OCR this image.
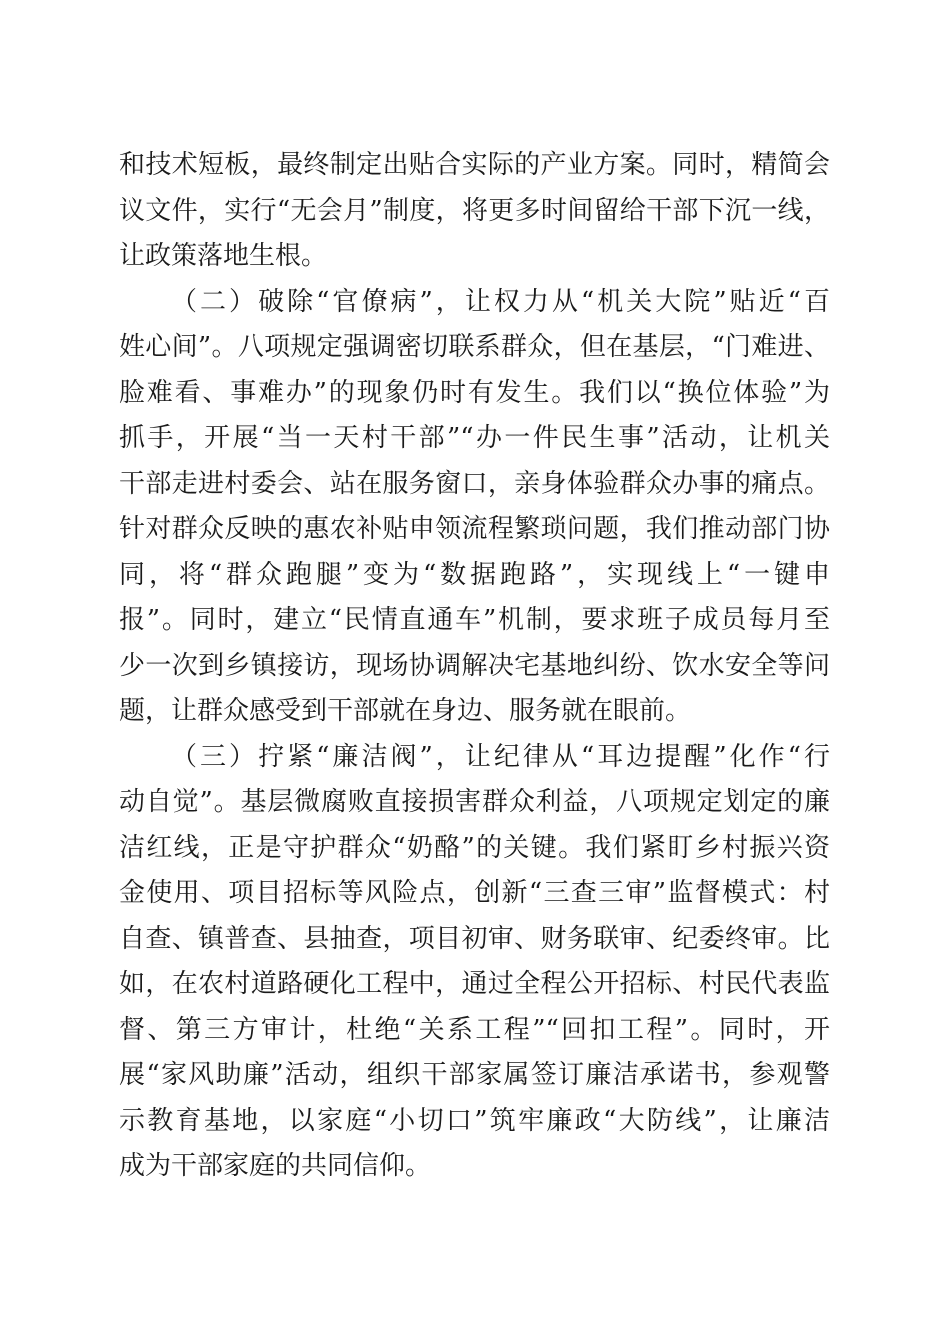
和技术短板，最终制定出贴合实际的产业方案。同时，精简会
议文件，实行“无会月”制度，将更多时间留给干部下沉一线，
让政策落地生根。

（二）破除“官僚病”，让权力从“机关大院”贴近“百
姓心间”。八项规定强调密切联系群众，但在基层，“门难进、
脸难看、事难办”的现象仍时有发生。我们以“换位体验”为
抓手，开展“当一天村干部”“办一件民生事”活动，让机关
干部走进村委会、站在服务窗口，亲身体验群众办事的痛点。
针对群众反映的惠农补贴申领流程繁琐问题，我们推动部门协
同，将“群众跑腿”变为“数据跑路”，实现线上“一键申
报”。同时，建立“民情直通车”机制，要求班子成员每月至
少一次到乡镇接访，现场协调解决宅基地纠纷、饮水安全等问
题，让群众感受到干部就在身边、服务就在眼前。

（三）拧紧“廉洁阀”，让纪律从“耳边提醒”化作“行
动自觉”。基层微腐败直接损害群众利益，八项规定划定的廉
洁红线，正是守护群众“奶酪”的关键。我们紧盯乡村振兴资
金使用、项目招标等风险点，创新“三查三审”监督模式：村
自查、镇普查、县抽查，项目初审、财务联审、纪委终审。比
如，在农村道路硬化工程中，通过全程公开招标、村民代表监
督、第三方审计，杜绝“关系工程”“回扣工程”。同时，开
展“家风助廉”活动，组织干部家属签订廉洁承诺书，参观警
示教育基地，以家庭“小切口”筑牢廉政“大防线”，让廉洁
成为干部家庭的共同信仰。
